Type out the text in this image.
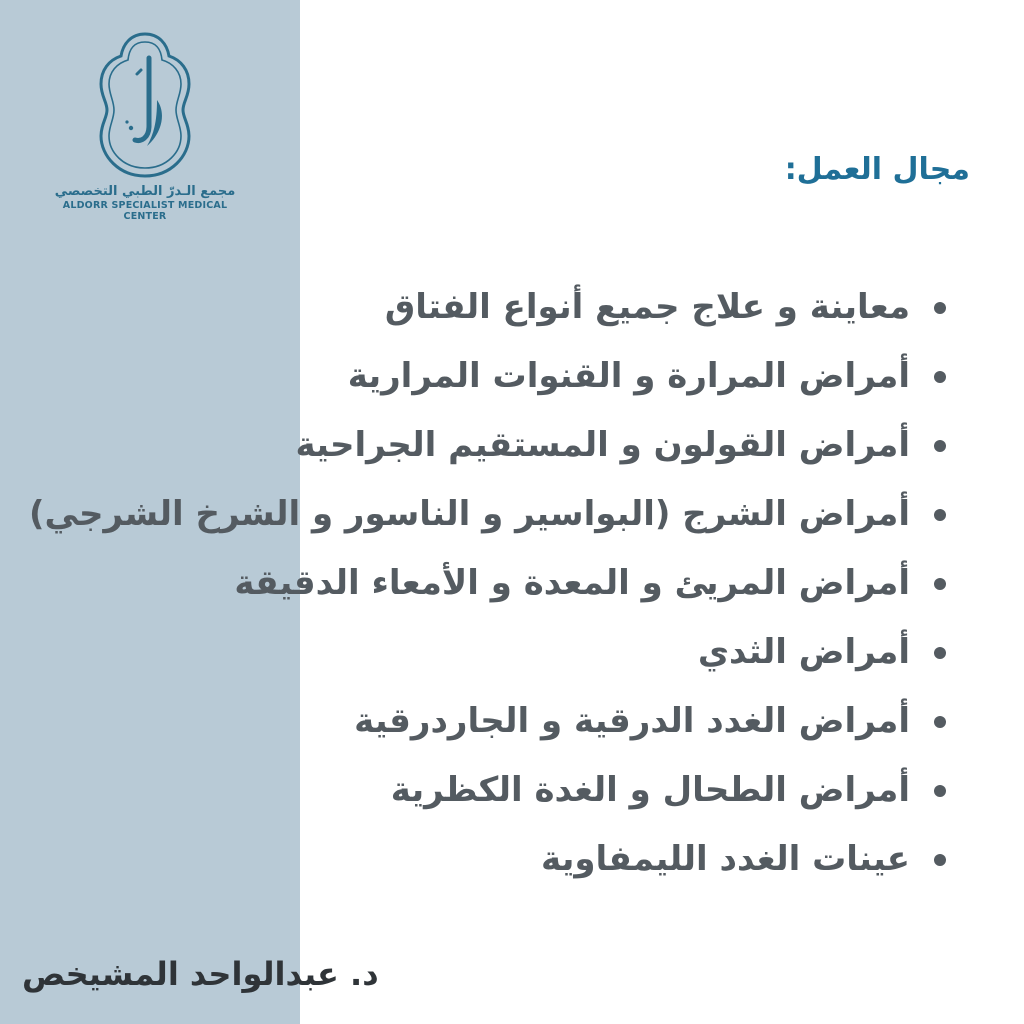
مجمع الـدرّ الطبي التخصصي
ALDORR SPECIALIST MEDICAL CENTER
مجال العمل:
معاينة و علاج جميع أنواع الفتاق
أمراض المرارة و القنوات المرارية
أمراض القولون و المستقيم الجراحية
أمراض الشرج (البواسير و الناسور و الشرخ الشرجي)
أمراض المريئ و المعدة و الأمعاء الدقيقة
أمراض الثدي
أمراض الغدد الدرقية و الجاردرقية
أمراض الطحال و الغدة الكظرية
عينات الغدد الليمفاوية
د. عبدالواحد المشيخص
